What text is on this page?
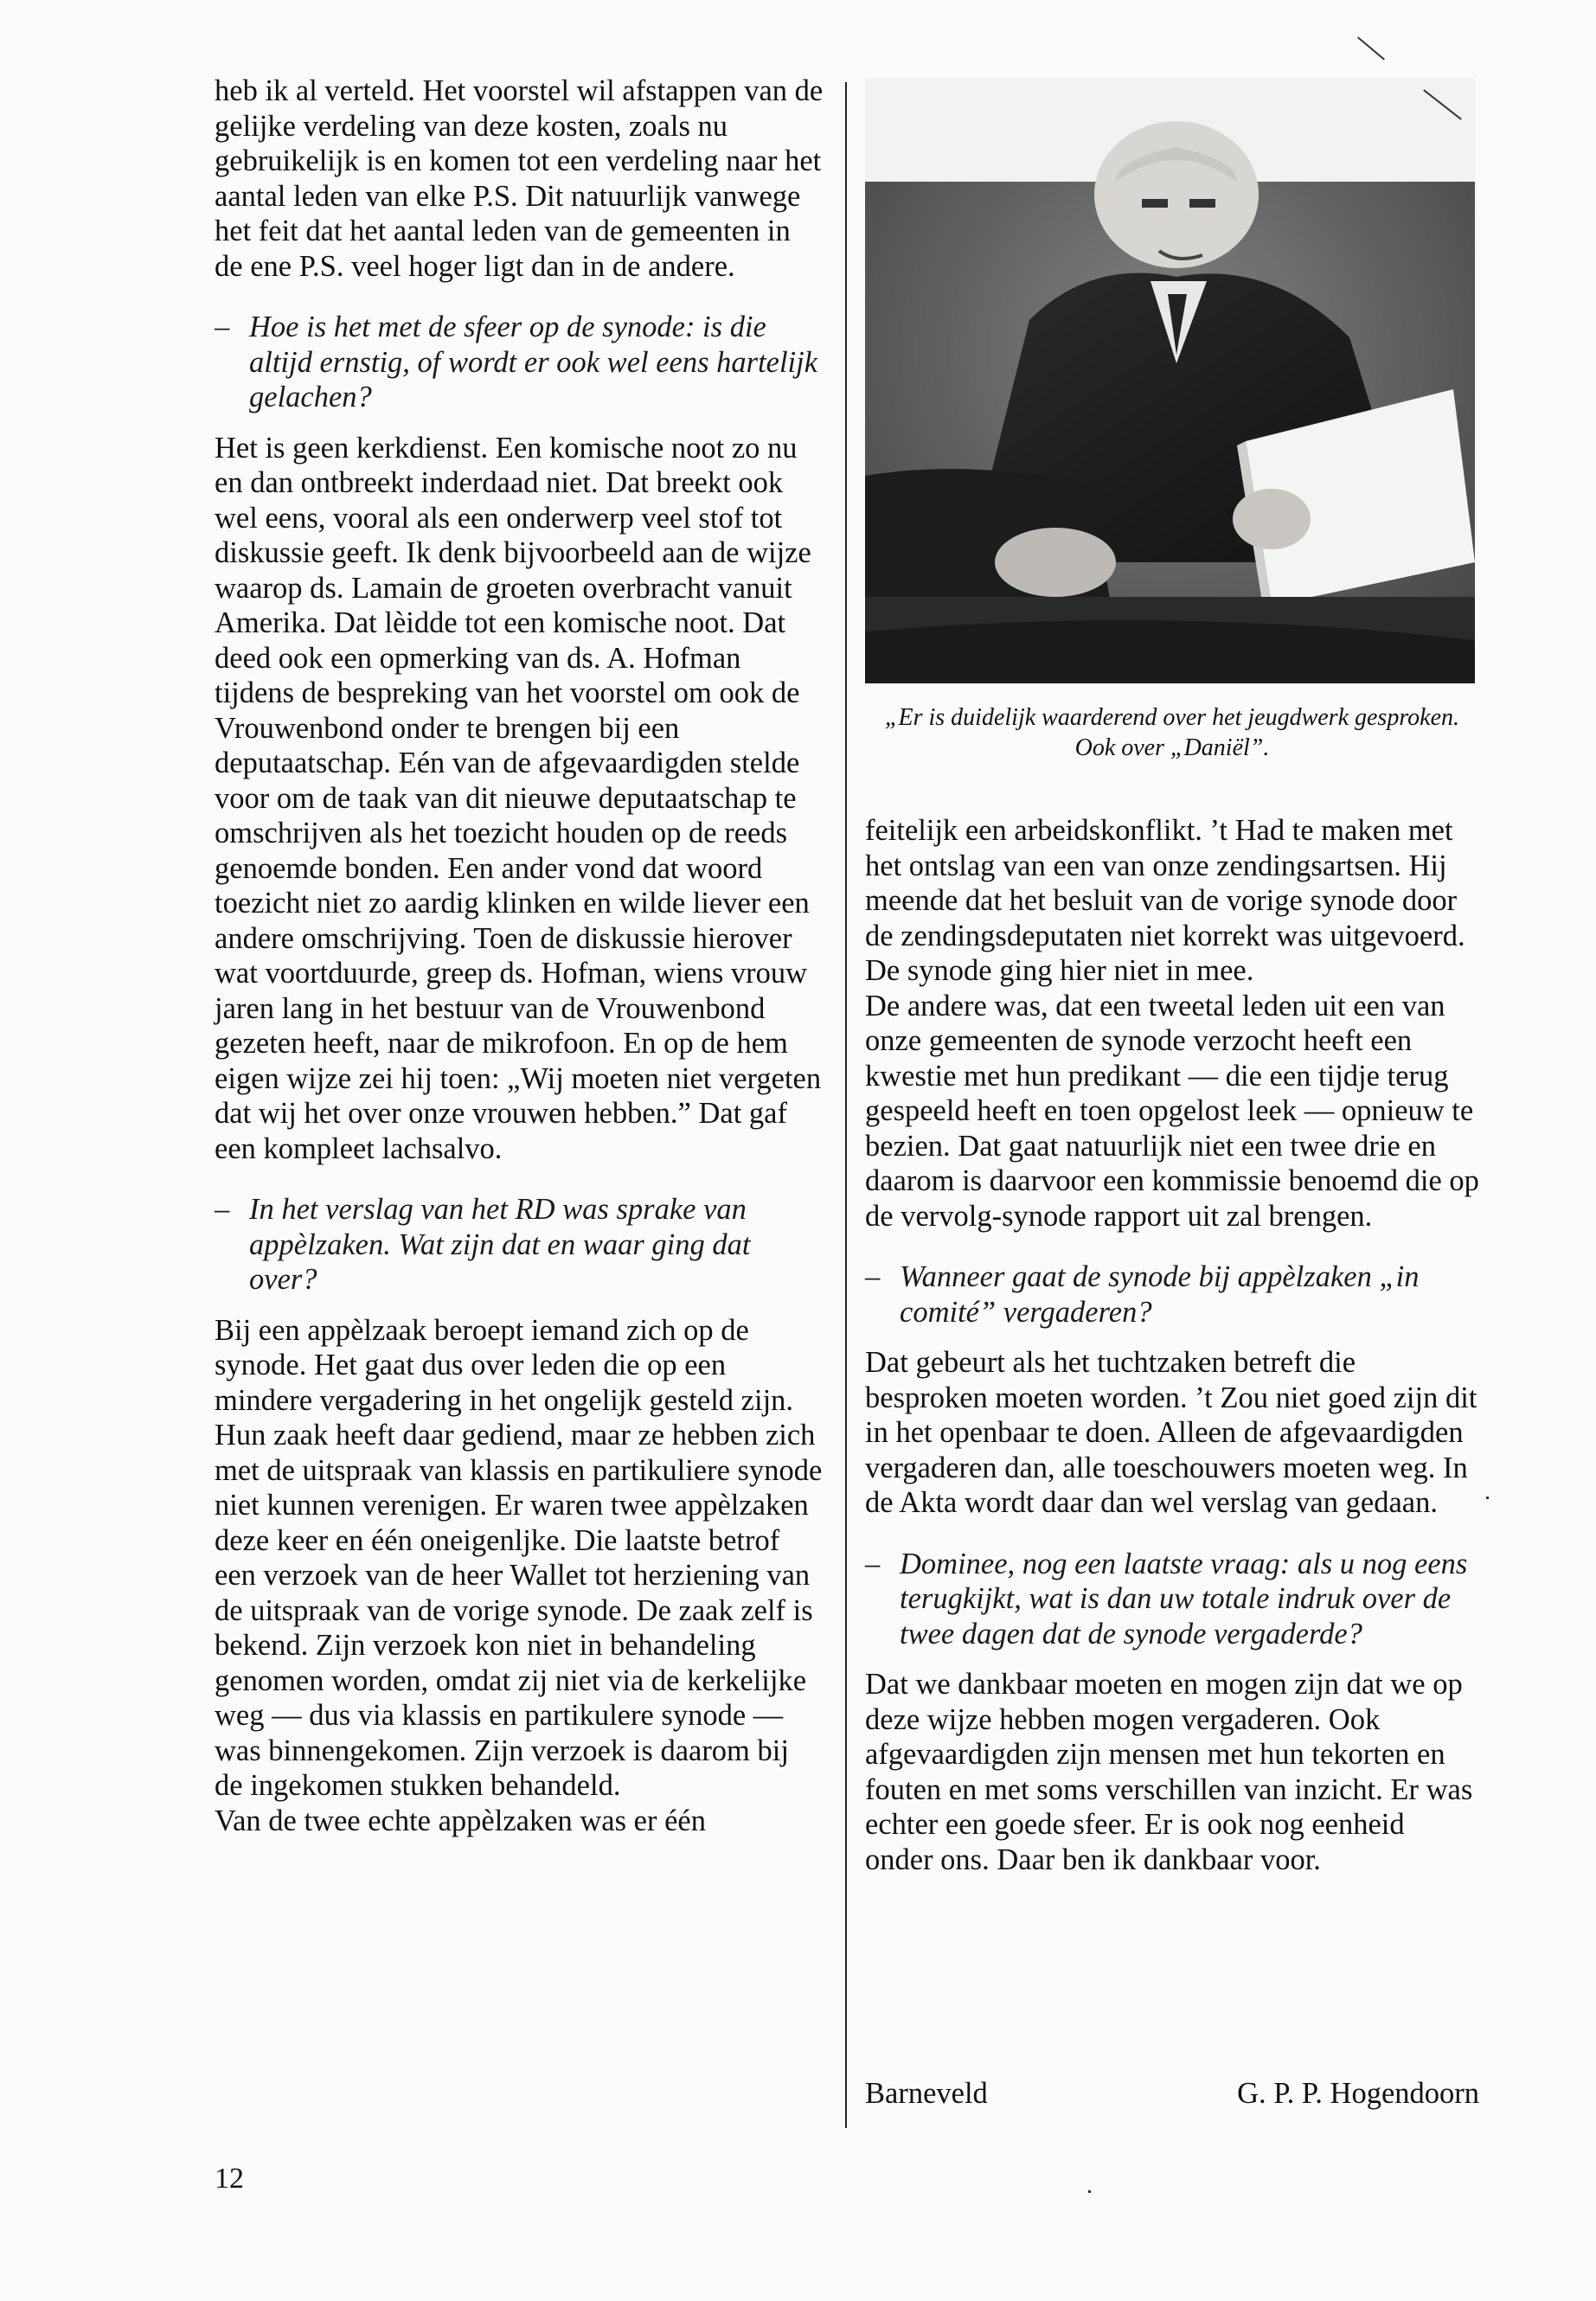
heb ik al verteld. Het voorstel wil afstappen van de gelijke verdeling van deze kosten, zoals nu gebruikelijk is en komen tot een verdeling naar het aantal leden van elke P.S. Dit natuurlijk vanwege het feit dat het aantal leden van de gemeenten in de ene P.S. veel hoger ligt dan in de andere.

– Hoe is het met de sfeer op de synode: is die altijd ernstig, of wordt er ook wel eens hartelijk gelachen?

Het is geen kerkdienst. Een komische noot zo nu en dan ontbreekt inderdaad niet. Dat breekt ook wel eens, vooral als een onderwerp veel stof tot diskussie geeft. Ik denk bijvoorbeeld aan de wijze waarop ds. Lamain de groeten overbracht vanuit Amerika. Dat lèidde tot een komische noot. Dat deed ook een opmerking van ds. A. Hofman tijdens de bespreking van het voorstel om ook de Vrouwenbond onder te brengen bij een deputaatschap. Eén van de afgevaardigden stelde voor om de taak van dit nieuwe deputaatschap te omschrijven als het toezicht houden op de reeds genoemde bonden. Een ander vond dat woord toezicht niet zo aardig klinken en wilde liever een andere omschrijving. Toen de diskussie hierover wat voortduurde, greep ds. Hofman, wiens vrouw jaren lang in het bestuur van de Vrouwenbond gezeten heeft, naar de mikrofoon. En op de hem eigen wijze zei hij toen: „Wij moeten niet vergeten dat wij het over onze vrouwen hebben.” Dat gaf een kompleet lachsalvo.

– In het verslag van het RD was sprake van appèlzaken. Wat zijn dat en waar ging dat over?

Bij een appèlzaak beroept iemand zich op de synode. Het gaat dus over leden die op een mindere vergadering in het ongelijk gesteld zijn. Hun zaak heeft daar gediend, maar ze hebben zich met de uitspraak van klassis en partikuliere synode niet kunnen verenigen. Er waren twee appèlzaken deze keer en één oneigenljke. Die laatste betrof een verzoek van de heer Wallet tot herziening van de uitspraak van de vorige synode. De zaak zelf is bekend. Zijn verzoek kon niet in behandeling genomen worden, omdat zij niet via de kerkelijke weg — dus via klassis en partikulere synode — was binnengekomen. Zijn verzoek is daarom bij de ingekomen stukken behandeld.

Van de twee echte appèlzaken was er één

„Er is duidelijk waarderend over het jeugdwerk gesproken. Ook over „Daniël”.

feitelijk een arbeidskonflikt. ’t Had te maken met het ontslag van een van onze zendingsartsen. Hij meende dat het besluit van de vorige synode door de zendingsdeputaten niet korrekt was uitgevoerd. De synode ging hier niet in mee.

De andere was, dat een tweetal leden uit een van onze gemeenten de synode verzocht heeft een kwestie met hun predikant — die een tijdje terug gespeeld heeft en toen opgelost leek — opnieuw te bezien. Dat gaat natuurlijk niet een twee drie en daarom is daarvoor een kommissie benoemd die op de vervolg-synode rapport uit zal brengen.

– Wanneer gaat de synode bij appèlzaken „in comité” vergaderen?

Dat gebeurt als het tuchtzaken betreft die besproken moeten worden. ’t Zou niet goed zijn dit in het openbaar te doen. Alleen de afgevaardigden vergaderen dan, alle toeschouwers moeten weg. In de Akta wordt daar dan wel verslag van gedaan.

– Dominee, nog een laatste vraag: als u nog eens terugkijkt, wat is dan uw totale indruk over de twee dagen dat de synode vergaderde?

Dat we dankbaar moeten en mogen zijn dat we op deze wijze hebben mogen vergaderen. Ook afgevaardigden zijn mensen met hun tekorten en fouten en met soms verschillen van inzicht. Er was echter een goede sfeer. Er is ook nog eenheid onder ons. Daar ben ik dankbaar voor.

Barneveld	G. P. P. Hogendoorn
12
